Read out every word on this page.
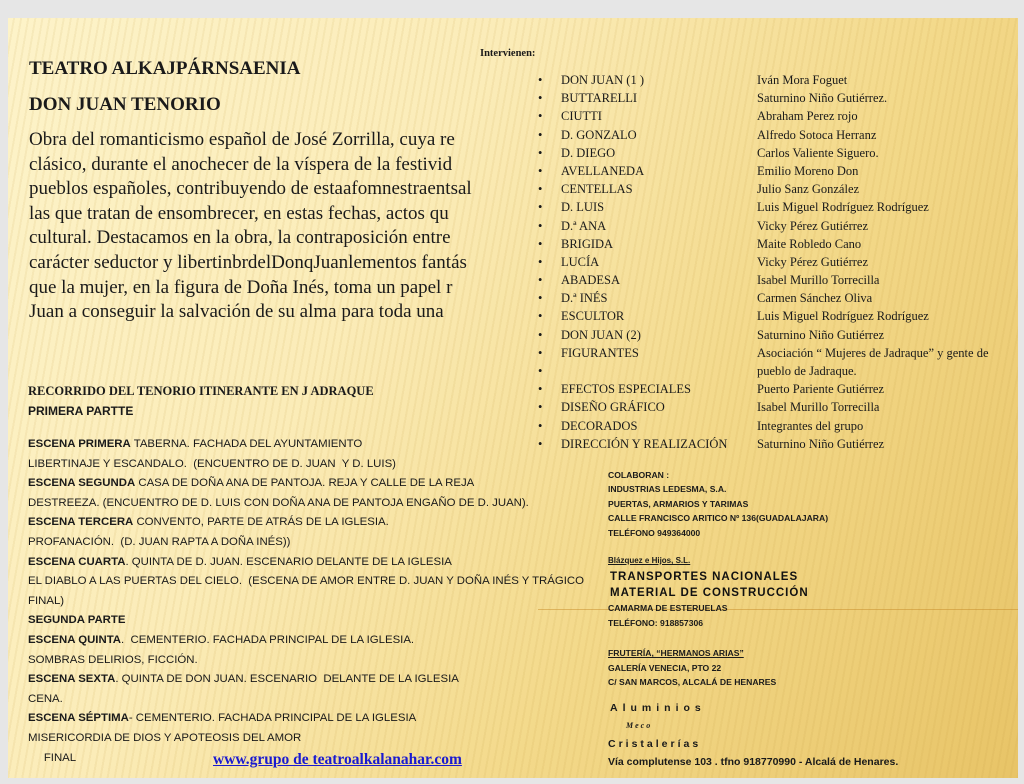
TEATRO ALKAJPÁRNSAENIA
DON JUAN TENORIO
Obra del romanticismo español de José Zorrilla, cuya re
clásico, durante el anochecer de la víspera de la festivid
pueblos españoles, contribuyendo de estaafomnestraentsal
las que tratan de ensombrecer, en estas fechas, actos qu
cultural. Destacamos en la obra, la contraposición entre
carácter seductor y libertinbrdelDonqJuanlementos fantás
que la mujer, en la figura de Doña Inés, toma un papel r
Juan a conseguir la salvación de su alma para toda una
Intervienen:
• DON JUAN (1 )	Iván Mora Foguet
• BUTTARELLI	Saturnino Niño Gutiérrez.
• CIUTTI	Abraham Perez rojo
• D. GONZALO	Alfredo Sotoca Herranz
• D. DIEGO	Carlos Valiente Siguero.
• AVELLANEDA	Emilio Moreno Don
• CENTELLAS	Julio Sanz González
• D. LUIS	Luis Miguel Rodríguez Rodríguez
• D.ª ANA	Vicky Pérez Gutiérrez
• BRIGIDA	Maite Robledo Cano
• LUCÍA	Vicky Pérez Gutiérrez
• ABADESA	Isabel Murillo Torrecilla
• D.ª INÉS	Carmen Sánchez Oliva
• ESCULTOR	Luis Miguel Rodríguez Rodríguez
• DON JUAN (2)	Saturnino Niño Gutiérrez
• FIGURANTES	Asociación “ Mujeres de Jadraque” y gente de
•	pueblo de Jadraque.
• EFECTOS ESPECIALES	Puerto Pariente Gutiérrez
• DISEÑO GRÁFICO	Isabel Murillo Torrecilla
• DECORADOS	Integrantes del grupo
• DIRECCIÓN Y REALIZACIÓN Saturnino Niño Gutiérrez
RECORRIDO DEL TENORIO ITINERANTE EN J ADRAQUE
PRIMERA PARTTE
ESCENA PRIMERA TABERNA. FACHADA DEL AYUNTAMIENTO
LIBERTINAJE Y ESCANDALO.  (ENCUENTRO DE D. JUAN  Y D. LUIS)
ESCENA SEGUNDA CASA DE DOÑA ANA DE PANTOJA. REJA Y CALLE DE LA REJA
DESTREEZA. (ENCUENTRO DE D. LUIS CON DOÑA ANA DE PANTOJA ENGAÑO DE D. JUAN).
ESCENA TERCERA CONVENTO, PARTE DE ATRÁS DE LA IGLESIA.
PROFANACIÓN.  (D. JUAN RAPTA A DOÑA INÉS))
ESCENA CUARTA. QUINTA DE D. JUAN. ESCENARIO DELANTE DE LA IGLESIA
EL DIABLO A LAS PUERTAS DEL CIELO.  (ESCENA DE AMOR ENTRE D. JUAN Y DOÑA INÉS Y TRÁGICO
FINAL)
SEGUNDA PARTE
ESCENA QUINTA.  CEMENTERIO. FACHADA PRINCIPAL DE LA IGLESIA.
SOMBRAS DELIRIOS, FICCIÓN.
ESCENA SEXTA. QUINTA DE DON JUAN. ESCENARIO  DELANTE DE LA IGLESIA
CENA.
ESCENA SÉPTIMA- CEMENTERIO. FACHADA PRINCIPAL DE LA IGLESIA
MISERICORDIA DE DIOS Y APOTEOSIS DEL AMOR
FINAL	www.grupo de teatroalkalanahar.com
COLABORAN :
INDUSTRIAS LEDESMA, S.A.
PUERTAS, ARMARIOS Y TARIMAS
CALLE FRANCISCO ARITICO Nº 136(GUADALAJARA)
TELÉFONO 949364000
Blázquez e Hijos, S.L.
TRANSPORTES NACIONALES
MATERIAL DE CONSTRUCCIÓN
CAMARMA DE ESTERUELAS
TELÉFONO: 918857306
FRUTERÍA, “HERMANOS ARIAS”
GALERÍA VENECIA, PTO 22
C/ SAN MARCOS, ALCALÁ DE HENARES
Aluminios
Meco
Cristalerías
Vía complutense 103 . tfno 918770990 - Alcalá de Henares.
